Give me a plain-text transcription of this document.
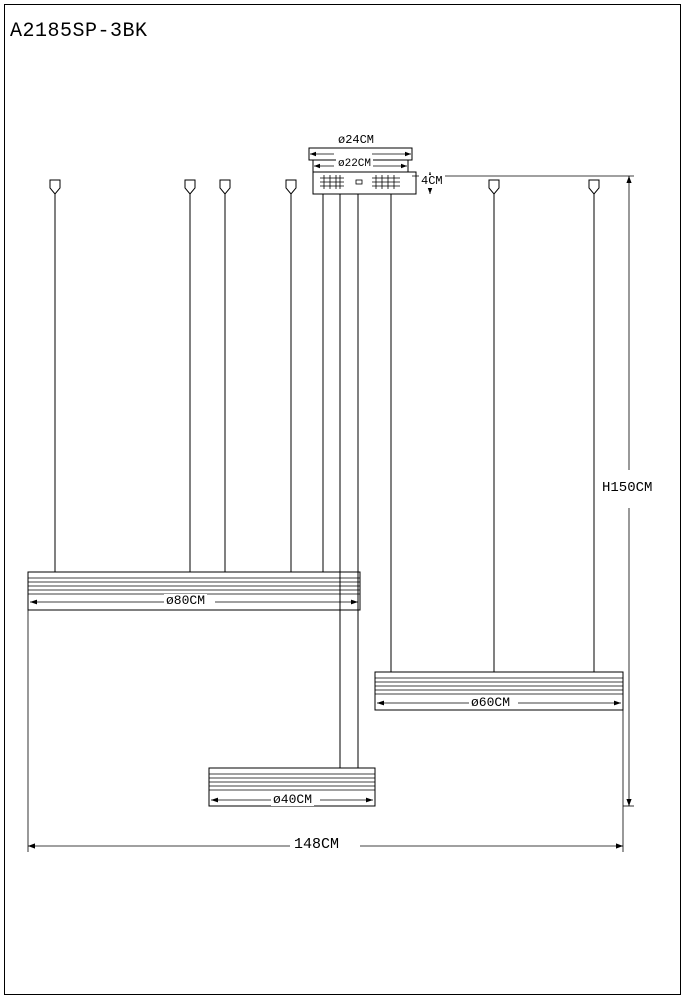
A2185SP-3BK
ø24CM
ø22CM
4CM
ø80CM
ø60CM
ø40CM
H150CM
148CM
